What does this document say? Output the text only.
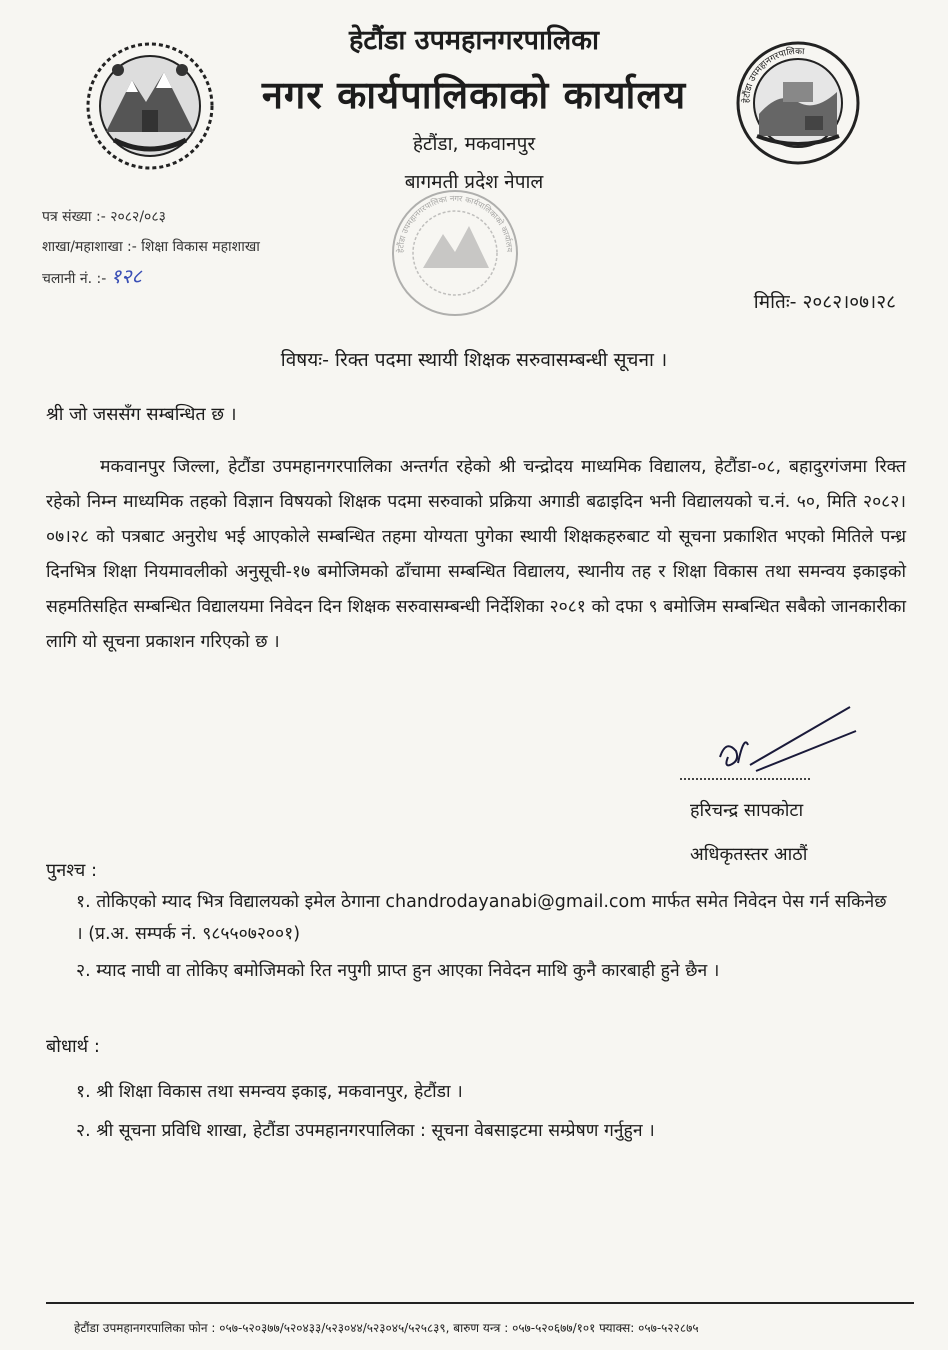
हेटौंडा उपमहानगरपालिका
नगर कार्यपालिकाको कार्यालय
हेटौंडा, मकवानपुर
बागमती प्रदेश नेपाल
हेटौंडा उपमहानगरपालिका
हेटौंडा उपमहानगरपालिका नगर कार्यपालिकाको कार्यालय
पत्र संख्या :- २०८२/०८३
शाखा/महाशाखा :- शिक्षा विकास महाशाखा
चलानी नं. :- १२८
मितिः- २०८२।०७।२८
विषयः- रिक्त पदमा स्थायी शिक्षक सरुवासम्बन्धी सूचना ।
श्री जो जससँग सम्बन्धित छ ।
मकवानपुर जिल्ला, हेटौंडा उपमहानगरपालिका अन्तर्गत रहेको श्री चन्द्रोदय माध्यमिक विद्यालय, हेटौंडा-०८, बहादुरगंजमा रिक्त रहेको निम्न माध्यमिक तहको विज्ञान विषयको शिक्षक पदमा सरुवाको प्रक्रिया अगाडी बढाइदिन भनी विद्यालयको च.नं. ५०, मिति २०८२।०७।२८ को पत्रबाट अनुरोध भई आएकोले सम्बन्धित तहमा योग्यता पुगेका स्थायी शिक्षकहरुबाट यो सूचना प्रकाशित भएको मितिले पन्ध्र दिनभित्र शिक्षा नियमावलीको अनुसूची-१७ बमोजिमको ढाँचामा सम्बन्धित विद्यालय, स्थानीय तह र शिक्षा विकास तथा समन्वय इकाइको सहमतिसहित सम्बन्धित विद्यालयमा निवेदन दिन शिक्षक सरुवासम्बन्धी निर्देशिका २०८१ को दफा ९ बमोजिम सम्बन्धित सबैको जानकारीका लागि यो सूचना प्रकाशन गरिएको छ ।
हरिचन्द्र सापकोटा
अधिकृतस्तर आठौं
पुनश्च :
१. तोकिएको म्याद भित्र विद्यालयको इमेल ठेगाना chandrodayanabi@gmail.com मार्फत समेत निवेदन पेस गर्न सकिनेछ । (प्र.अ. सम्पर्क नं. ९८५५०७२००१)
२. म्याद नाघी वा तोकिए बमोजिमको रित नपुगी प्राप्त हुन आएका निवेदन माथि कुनै कारबाही हुने छैन ।
बोधार्थ :
१. श्री शिक्षा विकास तथा समन्वय इकाइ, मकवानपुर, हेटौंडा ।
२. श्री सूचना प्रविधि शाखा, हेटौंडा उपमहानगरपालिका : सूचना वेबसाइटमा सम्प्रेषण गर्नुहुन ।
हेटौंडा उपमहानगरपालिका फोन : ०५७-५२०३७७/५२०४३३/५२३०४४/५२३०४५/५२५८३९, बारुण यन्त्र : ०५७-५२०६७७/१०१ फ्याक्स: ०५७-५२२८७५
